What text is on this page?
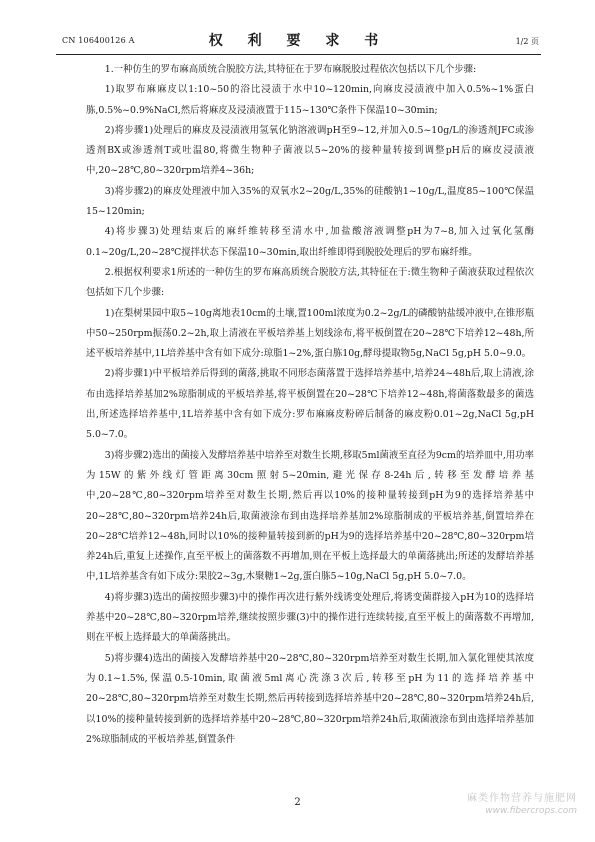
CN 106400126 A	权 利 要 求 书	1/2 页

1.一种仿生的罗布麻高质统合脱胶方法,其特征在于罗布麻脱胶过程依次包括以下几个步骤:

1)取罗布麻麻皮以1:10~50的浴比浸渍于水中10~120min,向麻皮浸渍液中加入0.5%~1%蛋白胨,0.5%~0.9%NaCl,然后将麻皮及浸渍液置于115~130℃条件下保温10~30min;

2)将步骤1)处理后的麻皮及浸渍液用氢氧化钠溶液调pH至9~12,并加入0.5~10g/L的渗透剂JFC或渗透剂BX或渗透剂T或吐温80,将微生物种子菌液以5~20%的接种量转接到调整pH后的麻皮浸渍液中,20~28℃,80~320rpm培养4~36h;

3)将步骤2)的麻皮处理液中加入35%的双氧水2~20g/L,35%的硅酸钠1~10g/L,温度85~100℃保温15~120min;

4)将步骤3)处理结束后的麻纤维转移至清水中,加盐酸溶液调整pH为7~8,加入过氧化氢酶0.1~20g/L,20~28℃搅拌状态下保温10~30min,取出纤维即得到脱胶处理后的罗布麻纤维。

2.根据权利要求1所述的一种仿生的罗布麻高质统合脱胶方法,其特征在于:微生物种子菌液获取过程依次包括如下几个步骤:

1)在梨树果园中取5~10g离地表10cm的土壤,置100ml浓度为0.2~2g/L的磷酸钠盐缓冲液中,在锥形瓶中50~250rpm振荡0.2~2h,取上清液在平板培养基上划线涂布,将平板倒置在20~28℃下培养12~48h,所述平板培养基中,1L培养基中含有如下成分:琼脂1~2%,蛋白胨10g,酵母提取物5g,NaCl 5g,pH 5.0~9.0。

2)将步骤1)中平板培养后得到的菌落,挑取不同形态菌落置于选择培养基中,培养24~48h后,取上清液,涂布由选择培养基加2%琼脂制成的平板培养基,将平板倒置在20~28℃下培养12~48h,将菌落数最多的菌选出,所述选择培养基中,1L培养基中含有如下成分:罗布麻麻皮粉碎后制备的麻皮粉0.01~2g,NaCl 5g,pH 5.0~7.0。

3)将步骤2)选出的菌接入发酵培养基中培养至对数生长期,移取5ml菌液至直径为9cm的培养皿中,用功率为15W的紫外线灯管距离30cm照射5~20min,避光保存8-24h后,转移至发酵培养基中,20~28℃,80~320rpm培养至对数生长期,然后再以10%的接种量转接到pH为9的选择培养基中20~28℃,80~320rpm培养24h后,取菌液涂布到由选择培养基加2%琼脂制成的平板培养基,倒置培养在20~28℃培养12~48h,同时以10%的接种量转接到新的pH为9的选择培养基中20~28℃,80~320rpm培养24h后,重复上述操作,直至平板上的菌落数不再增加,则在平板上选择最大的单菌落挑出;所述的发酵培养基中,1L培养基含有如下成分:果胶2~3g,木聚糖1~2g,蛋白胨5~10g,NaCl 5g,pH 5.0~7.0。

4)将步骤3)选出的菌按照步骤3)中的操作再次进行紫外线诱变处理后,将诱变菌群接入pH为10的选择培养基中20~28℃,80~320rpm培养,继续按照步骤(3)中的操作进行连续转接,直至平板上的菌落数不再增加,则在平板上选择最大的单菌落挑出。

5)将步骤4)选出的菌接入发酵培养基中20~28℃,80~320rpm培养至对数生长期,加入氯化锂使其浓度为0.1~1.5%,保温0.5-10min,取菌液5ml离心洗涤3次后,转移至pH为11的选择培养基中20~28℃,80~320rpm培养至对数生长期,然后再转接到选择培养基中20~28℃,80~320rpm培养24h后,以10%的接种量转接到新的选择培养基中20~28℃,80~320rpm培养24h后,取菌液涂布到由选择培养基加2%琼脂制成的平板培养基,倒置条件

2	麻类作物营养与施肥网
www.fibercrops.com
